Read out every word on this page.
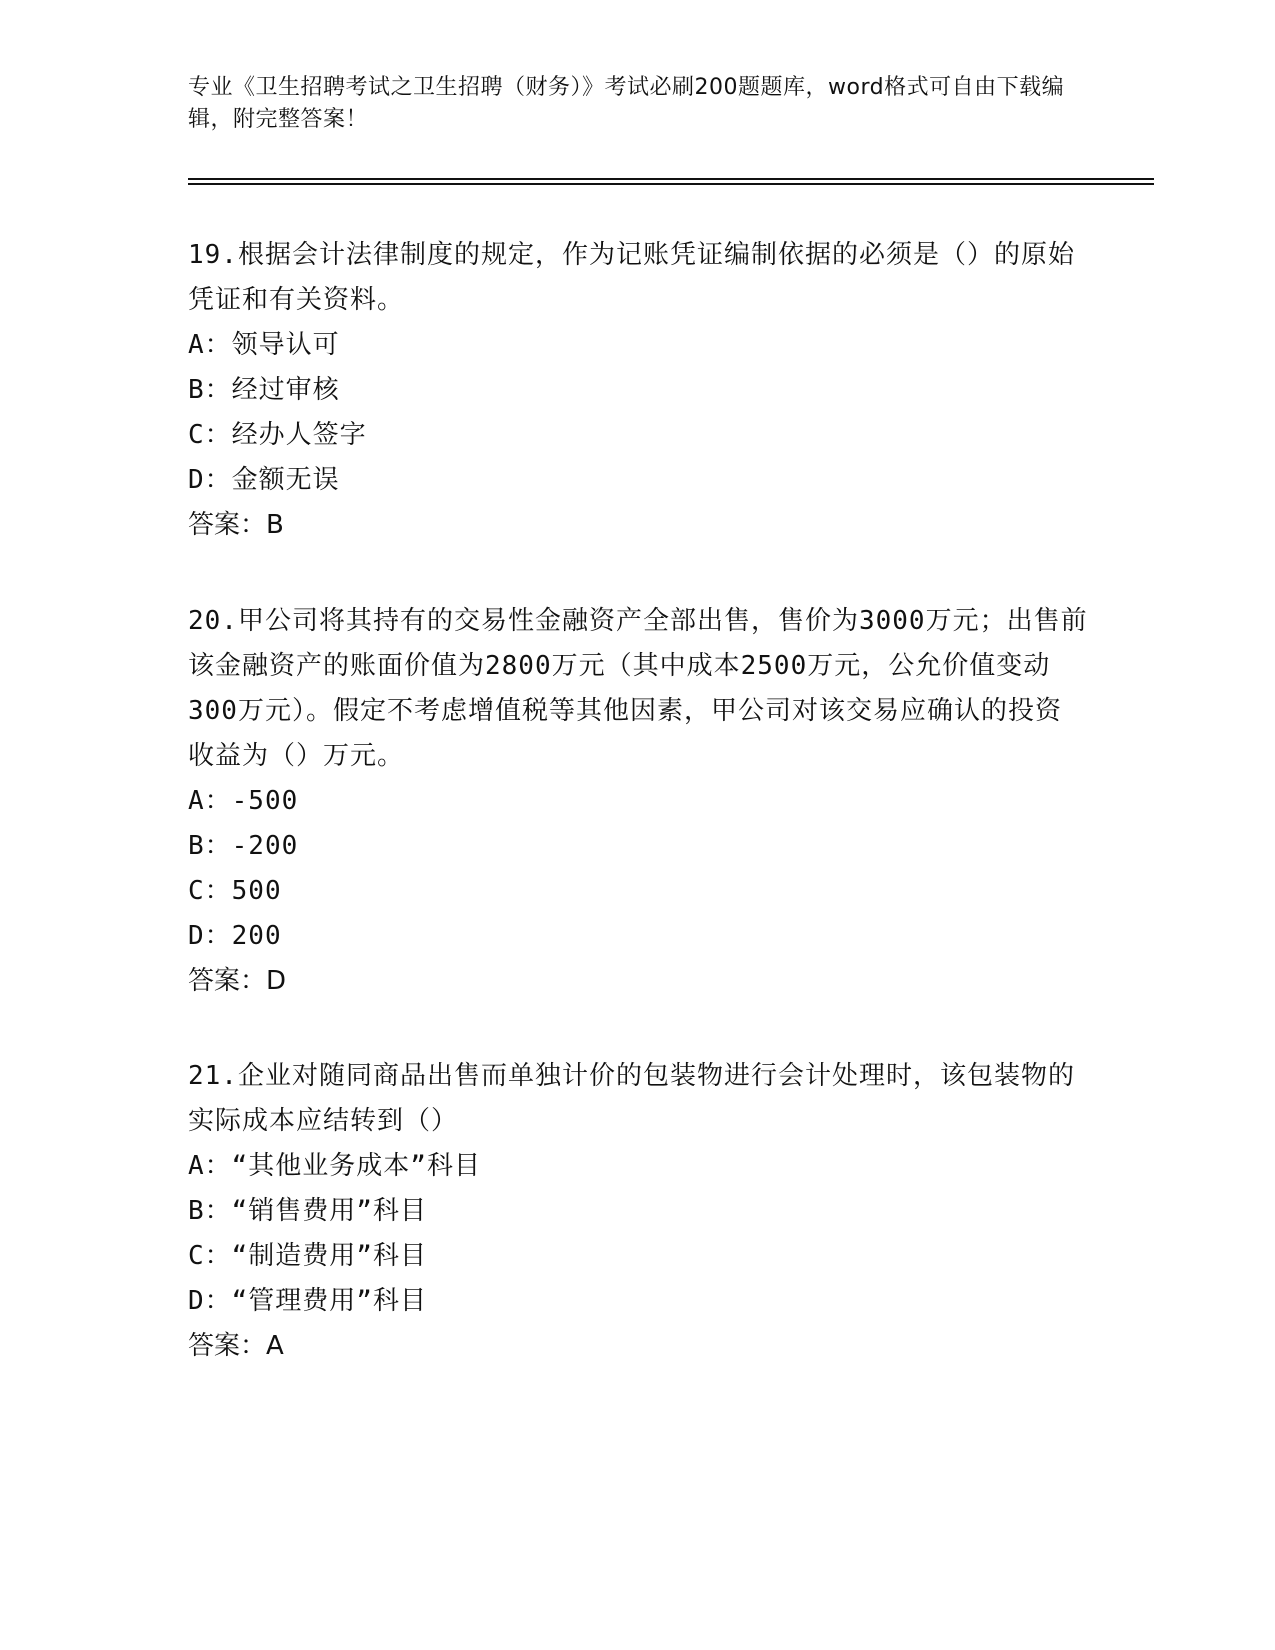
专业《卫生招聘考试之卫生招聘（财务）》考试必刷200题题库，word格式可自由下载编辑，附完整答案！

19.根据会计法律制度的规定，作为记账凭证编制依据的必须是（）的原始凭证和有关资料。

A：领导认可

B：经过审核

C：经办人签字

D：金额无误

答案：B

20.甲公司将其持有的交易性金融资产全部出售，售价为3000万元；出售前该金融资产的账面价值为2800万元（其中成本2500万元，公允价值变动300万元）。假定不考虑增值税等其他因素，甲公司对该交易应确认的投资收益为（）万元。

A：-500

B：-200

C：500

D：200

答案：D

21.企业对随同商品出售而单独计价的包装物进行会计处理时，该包装物的实际成本应结转到（）

A：“其他业务成本”科目

B：“销售费用”科目

C：“制造费用”科目

D：“管理费用”科目

答案：A
